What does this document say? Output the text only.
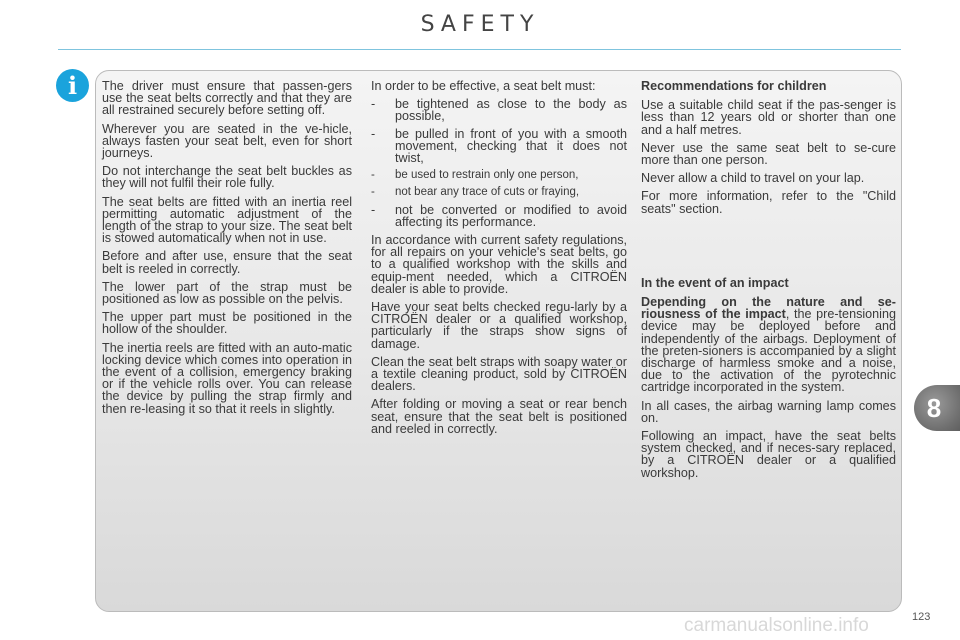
SAFETY
i	The driver must ensure that passen-gers use the seat belts correctly and that they are all restrained securely before setting off.

Wherever you are seated in the ve-hicle, always fasten your seat belt, even for short journeys.

Do not interchange the seat belt buckles as they will not fulfil their role fully.

The seat belts are fitted with an inertia reel permitting automatic adjustment of the length of the strap to your size. The seat belt is stowed automatically when not in use.

Before and after use, ensure that the seat belt is reeled in correctly.

The lower part of the strap must be positioned as low as possible on the pelvis.

The upper part must be positioned in the hollow of the shoulder.

The inertia reels are fitted with an auto-matic locking device which comes into operation in the event of a collision, emergency braking or if the vehicle rolls over. You can release the device by pulling the strap firmly and then re-leasing it so that it reels in slightly.

In order to be effective, a seat belt must:

- be tightened as close to the body as possible,
- be pulled in front of you with a smooth movement, checking that it does not twist,
- be used to restrain only one person,
- not bear any trace of cuts or fraying,
- not be converted or modified to avoid affecting its performance.

In accordance with current safety regulations, for all repairs on your vehicle's seat belts, go to a qualified workshop with the skills and equip-ment needed, which a CITROËN dealer is able to provide.

Have your seat belts checked regu-larly by a CITROËN dealer or a qualified workshop, particularly if the straps show signs of damage.

Clean the seat belt straps with soapy water or a textile cleaning product, sold by CITROËN dealers.

After folding or moving a seat or rear bench seat, ensure that the seat belt is positioned and reeled in correctly.

Recommendations for children

Use a suitable child seat if the pas-senger is less than 12 years old or shorter than one and a half metres.

Never use the same seat belt to se-cure more than one person.

Never allow a child to travel on your lap.

For more information, refer to the "Child seats" section.

In the event of an impact

Depending on the nature and se-riousness of the impact, the pre-tensioning device may be deployed before and independently of the airbags. Deployment of the preten-sioners is accompanied by a slight discharge of harmless smoke and a noise, due to the activation of the pyrotechnic cartridge incorporated in the system.

In all cases, the airbag warning lamp comes on.

Following an impact, have the seat belts system checked, and if neces-sary replaced, by a CITROËN dealer or a qualified workshop.

8
carmanualsonline.info	123
